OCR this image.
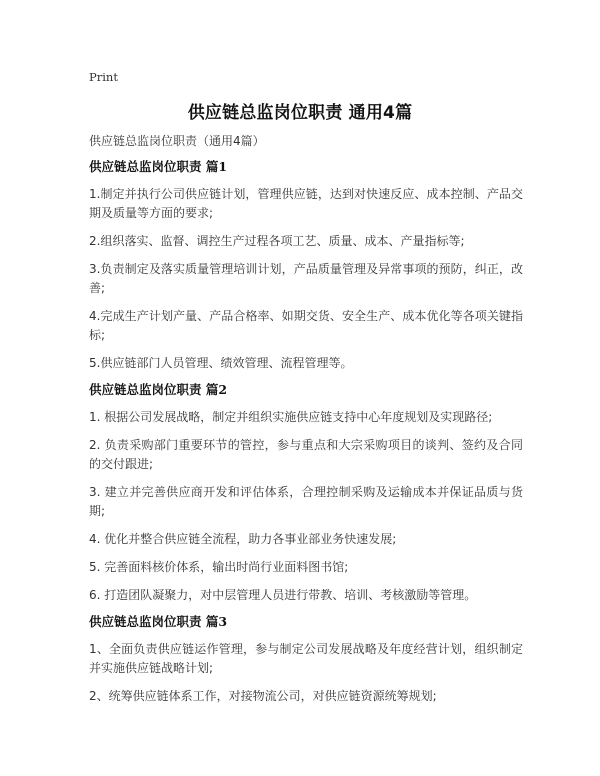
Print
供应链总监岗位职责 通用4篇

供应链总监岗位职责（通用4篇）

供应链总监岗位职责 篇1

1.制定并执行公司供应链计划，管理供应链，达到对快速反应、成本控制、产品交期及质量等方面的要求;

2.组织落实、监督、调控生产过程各项工艺、质量、成本、产量指标等;

3.负责制定及落实质量管理培训计划，产品质量管理及异常事项的预防，纠正，改善;

4.完成生产计划产量、产品合格率、如期交货、安全生产、成本优化等各项关键指标;

5.供应链部门人员管理、绩效管理、流程管理等。

供应链总监岗位职责 篇2

1. 根据公司发展战略，制定并组织实施供应链支持中心年度规划及实现路径;

2. 负责采购部门重要环节的管控，参与重点和大宗采购项目的谈判、签约及合同的交付跟进;

3. 建立并完善供应商开发和评估体系，合理控制采购及运输成本并保证品质与货期;

4. 优化并整合供应链全流程，助力各事业部业务快速发展;

5. 完善面料核价体系，输出时尚行业面料图书馆;

6. 打造团队凝聚力，对中层管理人员进行带教、培训、考核激励等管理。

供应链总监岗位职责 篇3

1、全面负责供应链运作管理，参与制定公司发展战略及年度经营计划，组织制定并实施供应链战略计划;

2、统筹供应链体系工作，对接物流公司，对供应链资源统筹规划;
